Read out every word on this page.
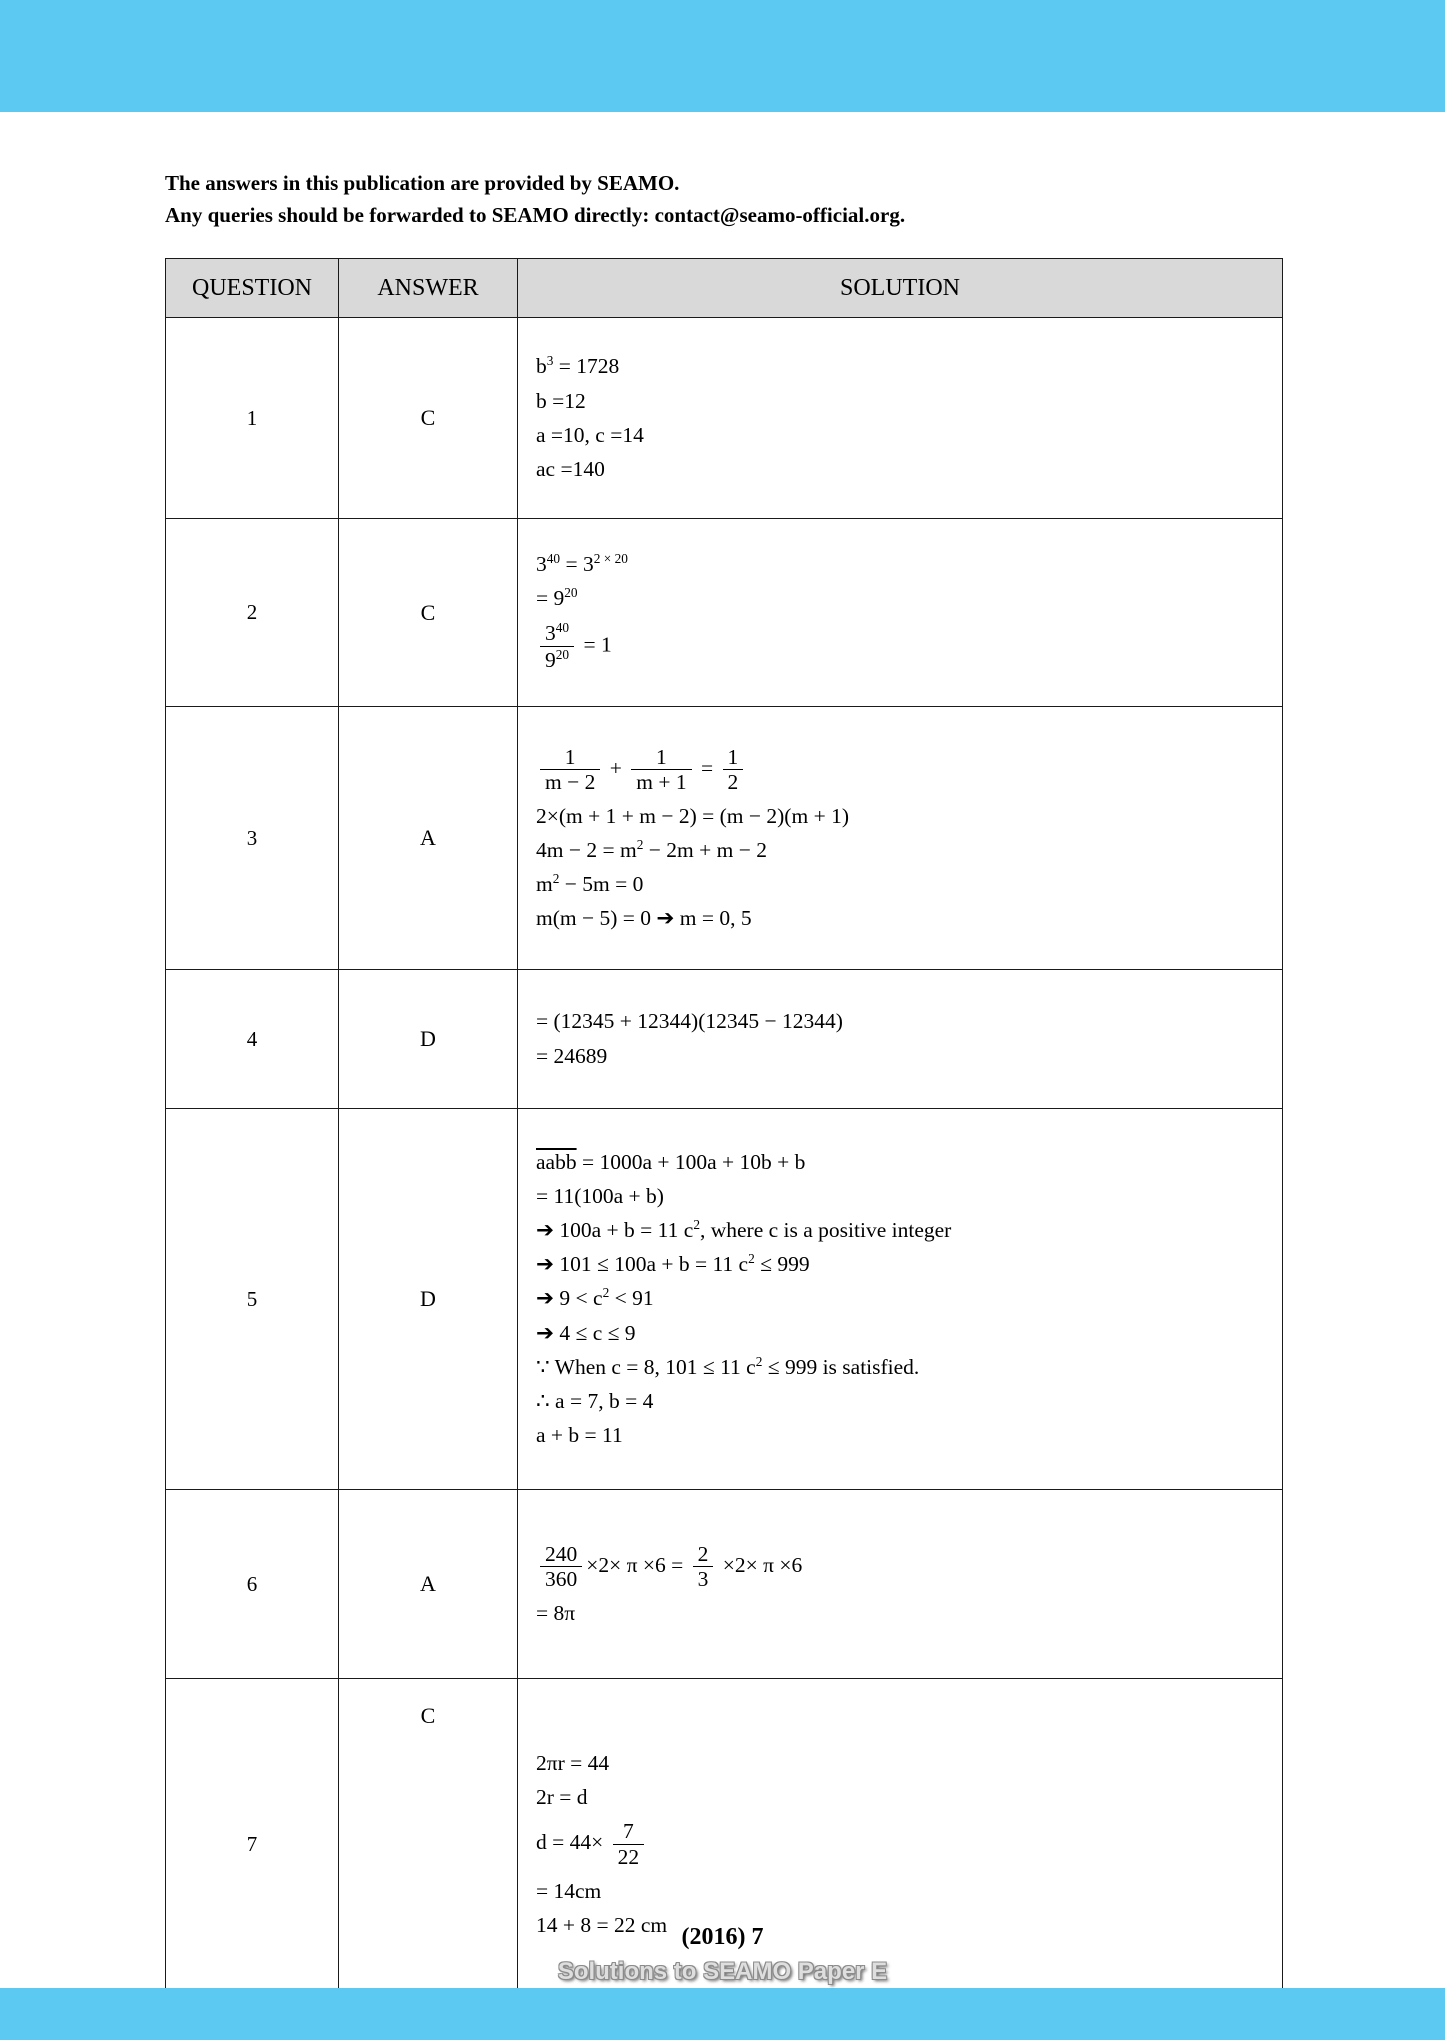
The answers in this publication are provided by SEAMO.
Any queries should be forwarded to SEAMO directly: contact@seamo-official.org.
QUESTION	ANSWER	SOLUTION
1	C	$b^3 = 1728$
b =12
a =10, c =14
ac =140

2	C	$3^{40} = 3^{2 \times 20}$
= $9^{20}$
$\frac{3^{40}}{9^{20}} = 1$

3	A	
$\frac{1}{m - 2} + \frac{1}{m + 1} = \frac{1}{2}$
2×(m + 1 + m − 2) = (m − 2)(m + 1)
$4m - 2 = m^2 - 2m + m - 2$
$m^2 - 5m = 0$
m(m − 5) = 0 ➔ m = 0, 5

4	D	= (12345 + 12344)(12345 − 12344)
= 24689

5	D	
aabb = 1000a + 100a + 10b + b
= 11(100a + b)
➔ 100a + b = 11 $c^2$, where c is a positive integer
➔ 101 ≤ 100a + b = 11 $c^2 \le 999$
➔ $9 < c^2 < 91$
➔ 4 ≤ c ≤ 9
∵ When c = 8, 101 ≤ 11 $c^2 \le 999$ is satisfied.
∴ a = 7, b = 4
a + b = 11

6	A	$\frac{240}{360} \times 2\times \pi \times 6 = \frac{2}{3} \times 2\times \pi \times 6$
= 8π

7	C	
2πr = 44
2r = d
$d = 44\times \frac{7}{22}$
= 14cm
14 + 8 = 22 cm (2016) 7
Solutions to SEAMO Paper E
